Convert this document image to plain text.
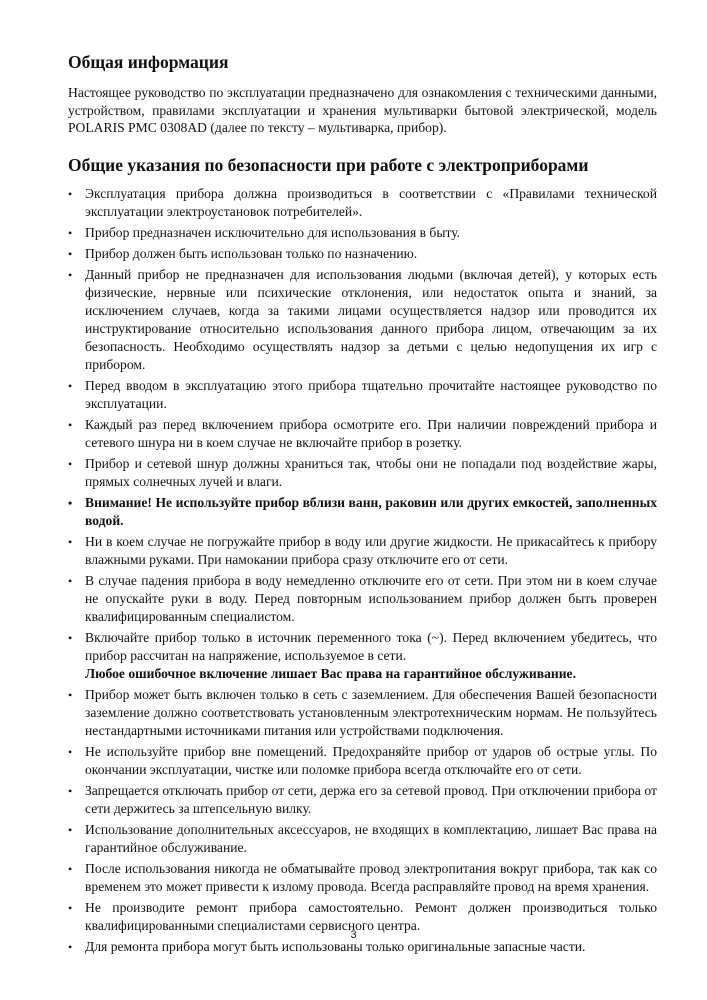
Общая информация

Настоящее руководство по эксплуатации предназначено для ознакомления с техническими данными, устройством, правилами эксплуатации и хранения мультиварки бытовой электрической, модель POLARIS PMC 0308AD (далее по тексту – мультиварка, прибор).

Общие указания по безопасности при работе с электроприборами
• Эксплуатация прибора должна производиться в соответствии с «Правилами технической эксплуатации электроустановок потребителей».
• Прибор предназначен исключительно для использования в быту.
• Прибор должен быть использован только по назначению.
• Данный прибор не предназначен для использования людьми (включая детей), у которых есть физические, нервные или психические отклонения, или недостаток опыта и знаний, за исключением случаев, когда за такими лицами осуществляется надзор или проводится их инструктирование относительно использования данного прибора лицом, отвечающим за их безопасность. Необходимо осуществлять надзор за детьми с целью недопущения их игр с прибором.
• Перед вводом в эксплуатацию этого прибора тщательно прочитайте настоящее руководство по эксплуатации.
• Каждый раз перед включением прибора осмотрите его. При наличии повреждений прибора и сетевого шнура ни в коем случае не включайте прибор в розетку.
• Прибор и сетевой шнур должны храниться так, чтобы они не попадали под воздействие жары, прямых солнечных лучей и влаги.
• Внимание! Не используйте прибор вблизи ванн, раковин или других емкостей, заполненных водой.
• Ни в коем случае не погружайте прибор в воду или другие жидкости. Не прикасайтесь к прибору влажными руками. При намокании прибора сразу отключите его от сети.
• В случае падения прибора в воду немедленно отключите его от сети. При этом ни в коем случае не опускайте руки в воду. Перед повторным использованием прибор должен быть проверен квалифицированным специалистом.
• Включайте прибор только в источник переменного тока (~). Перед включением убедитесь, что прибор рассчитан на напряжение, используемое в сети.
Любое ошибочное включение лишает Вас права на гарантийное обслуживание.
• Прибор может быть включен только в сеть с заземлением. Для обеспечения Вашей безопасности заземление должно соответствовать установленным электротехническим нормам. Не пользуйтесь нестандартными источниками питания или устройствами подключения.
• Не используйте прибор вне помещений. Предохраняйте прибор от ударов об острые углы. По окончании эксплуатации, чистке или поломке прибора всегда отключайте его от сети.
• Запрещается отключать прибор от сети, держа его за сетевой провод. При отключении прибора от сети держитесь за штепсельную вилку.
• Использование дополнительных аксессуаров, не входящих в комплектацию, лишает Вас права на гарантийное обслуживание.
• После использования никогда не обматывайте провод электропитания вокруг прибора, так как со временем это может привести к излому провода. Всегда расправляйте провод на время хранения.
• Не производите ремонт прибора самостоятельно. Ремонт должен производиться только квалифицированными специалистами сервисного центра.
• Для ремонта прибора могут быть использованы только оригинальные запасные части.
3
